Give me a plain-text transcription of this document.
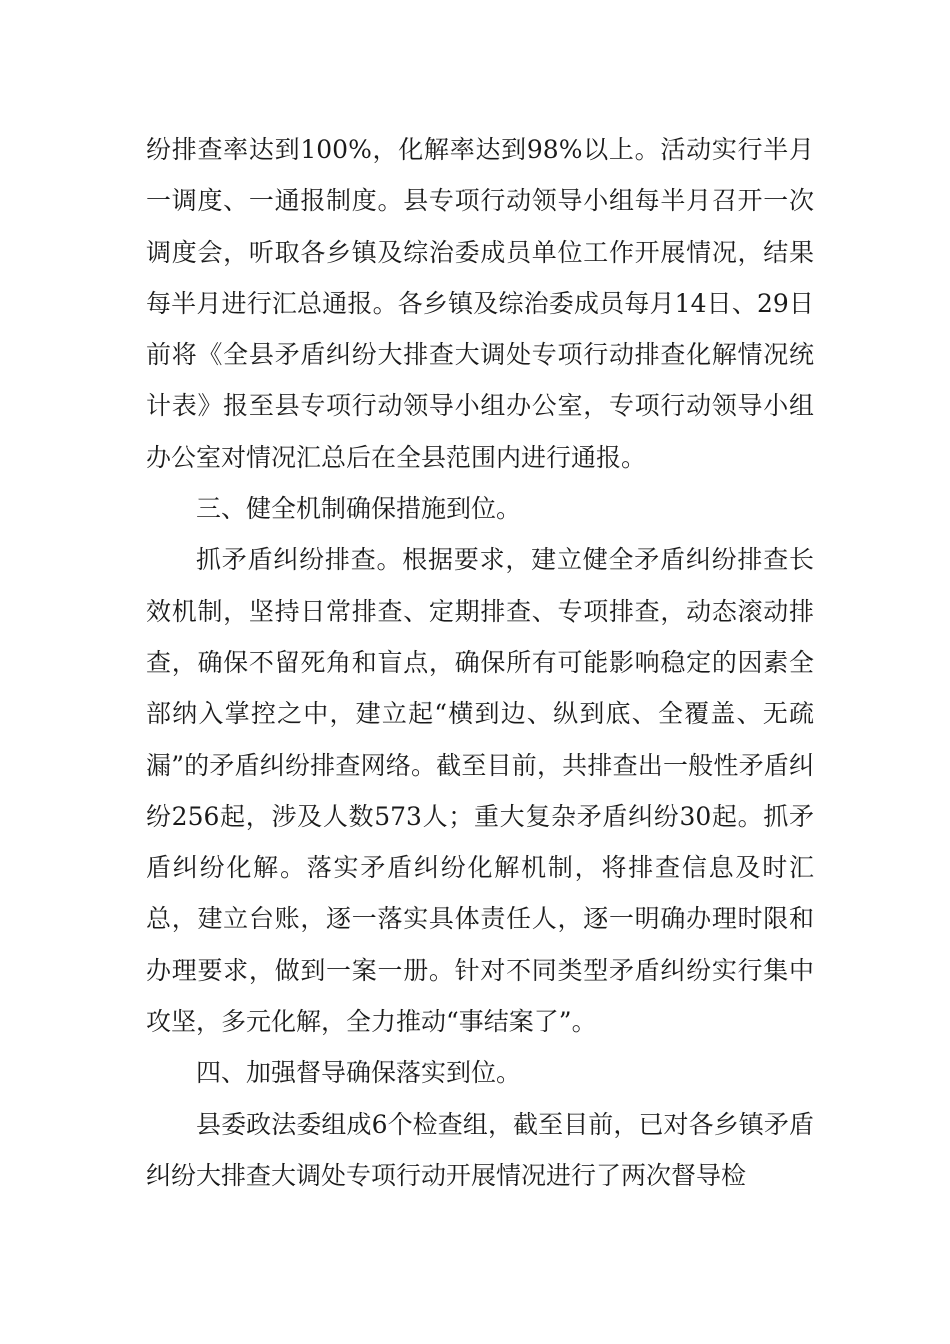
纷排查率达到100%，化解率达到98%以上。活动实行半月一调度、一通报制度。县专项行动领导小组每半月召开一次调度会，听取各乡镇及综治委成员单位工作开展情况，结果每半月进行汇总通报。各乡镇及综治委成员每月14日、29日前将《全县矛盾纠纷大排查大调处专项行动排查化解情况统计表》报至县专项行动领导小组办公室，专项行动领导小组办公室对情况汇总后在全县范围内进行通报。

三、健全机制确保措施到位。

抓矛盾纠纷排查。根据要求，建立健全矛盾纠纷排查长效机制，坚持日常排查、定期排查、专项排查，动态滚动排查，确保不留死角和盲点，确保所有可能影响稳定的因素全部纳入掌控之中，建立起“横到边、纵到底、全覆盖、无疏漏”的矛盾纠纷排查网络。截至目前，共排查出一般性矛盾纠纷256起，涉及人数573人；重大复杂矛盾纠纷30起。抓矛盾纠纷化解。落实矛盾纠纷化解机制，将排查信息及时汇总，建立台账，逐一落实具体责任人，逐一明确办理时限和办理要求，做到一案一册。针对不同类型矛盾纠纷实行集中攻坚，多元化解，全力推动“事结案了”。

四、加强督导确保落实到位。

县委政法委组成6个检查组，截至目前，已对各乡镇矛盾纠纷大排查大调处专项行动开展情况进行了两次督导检
